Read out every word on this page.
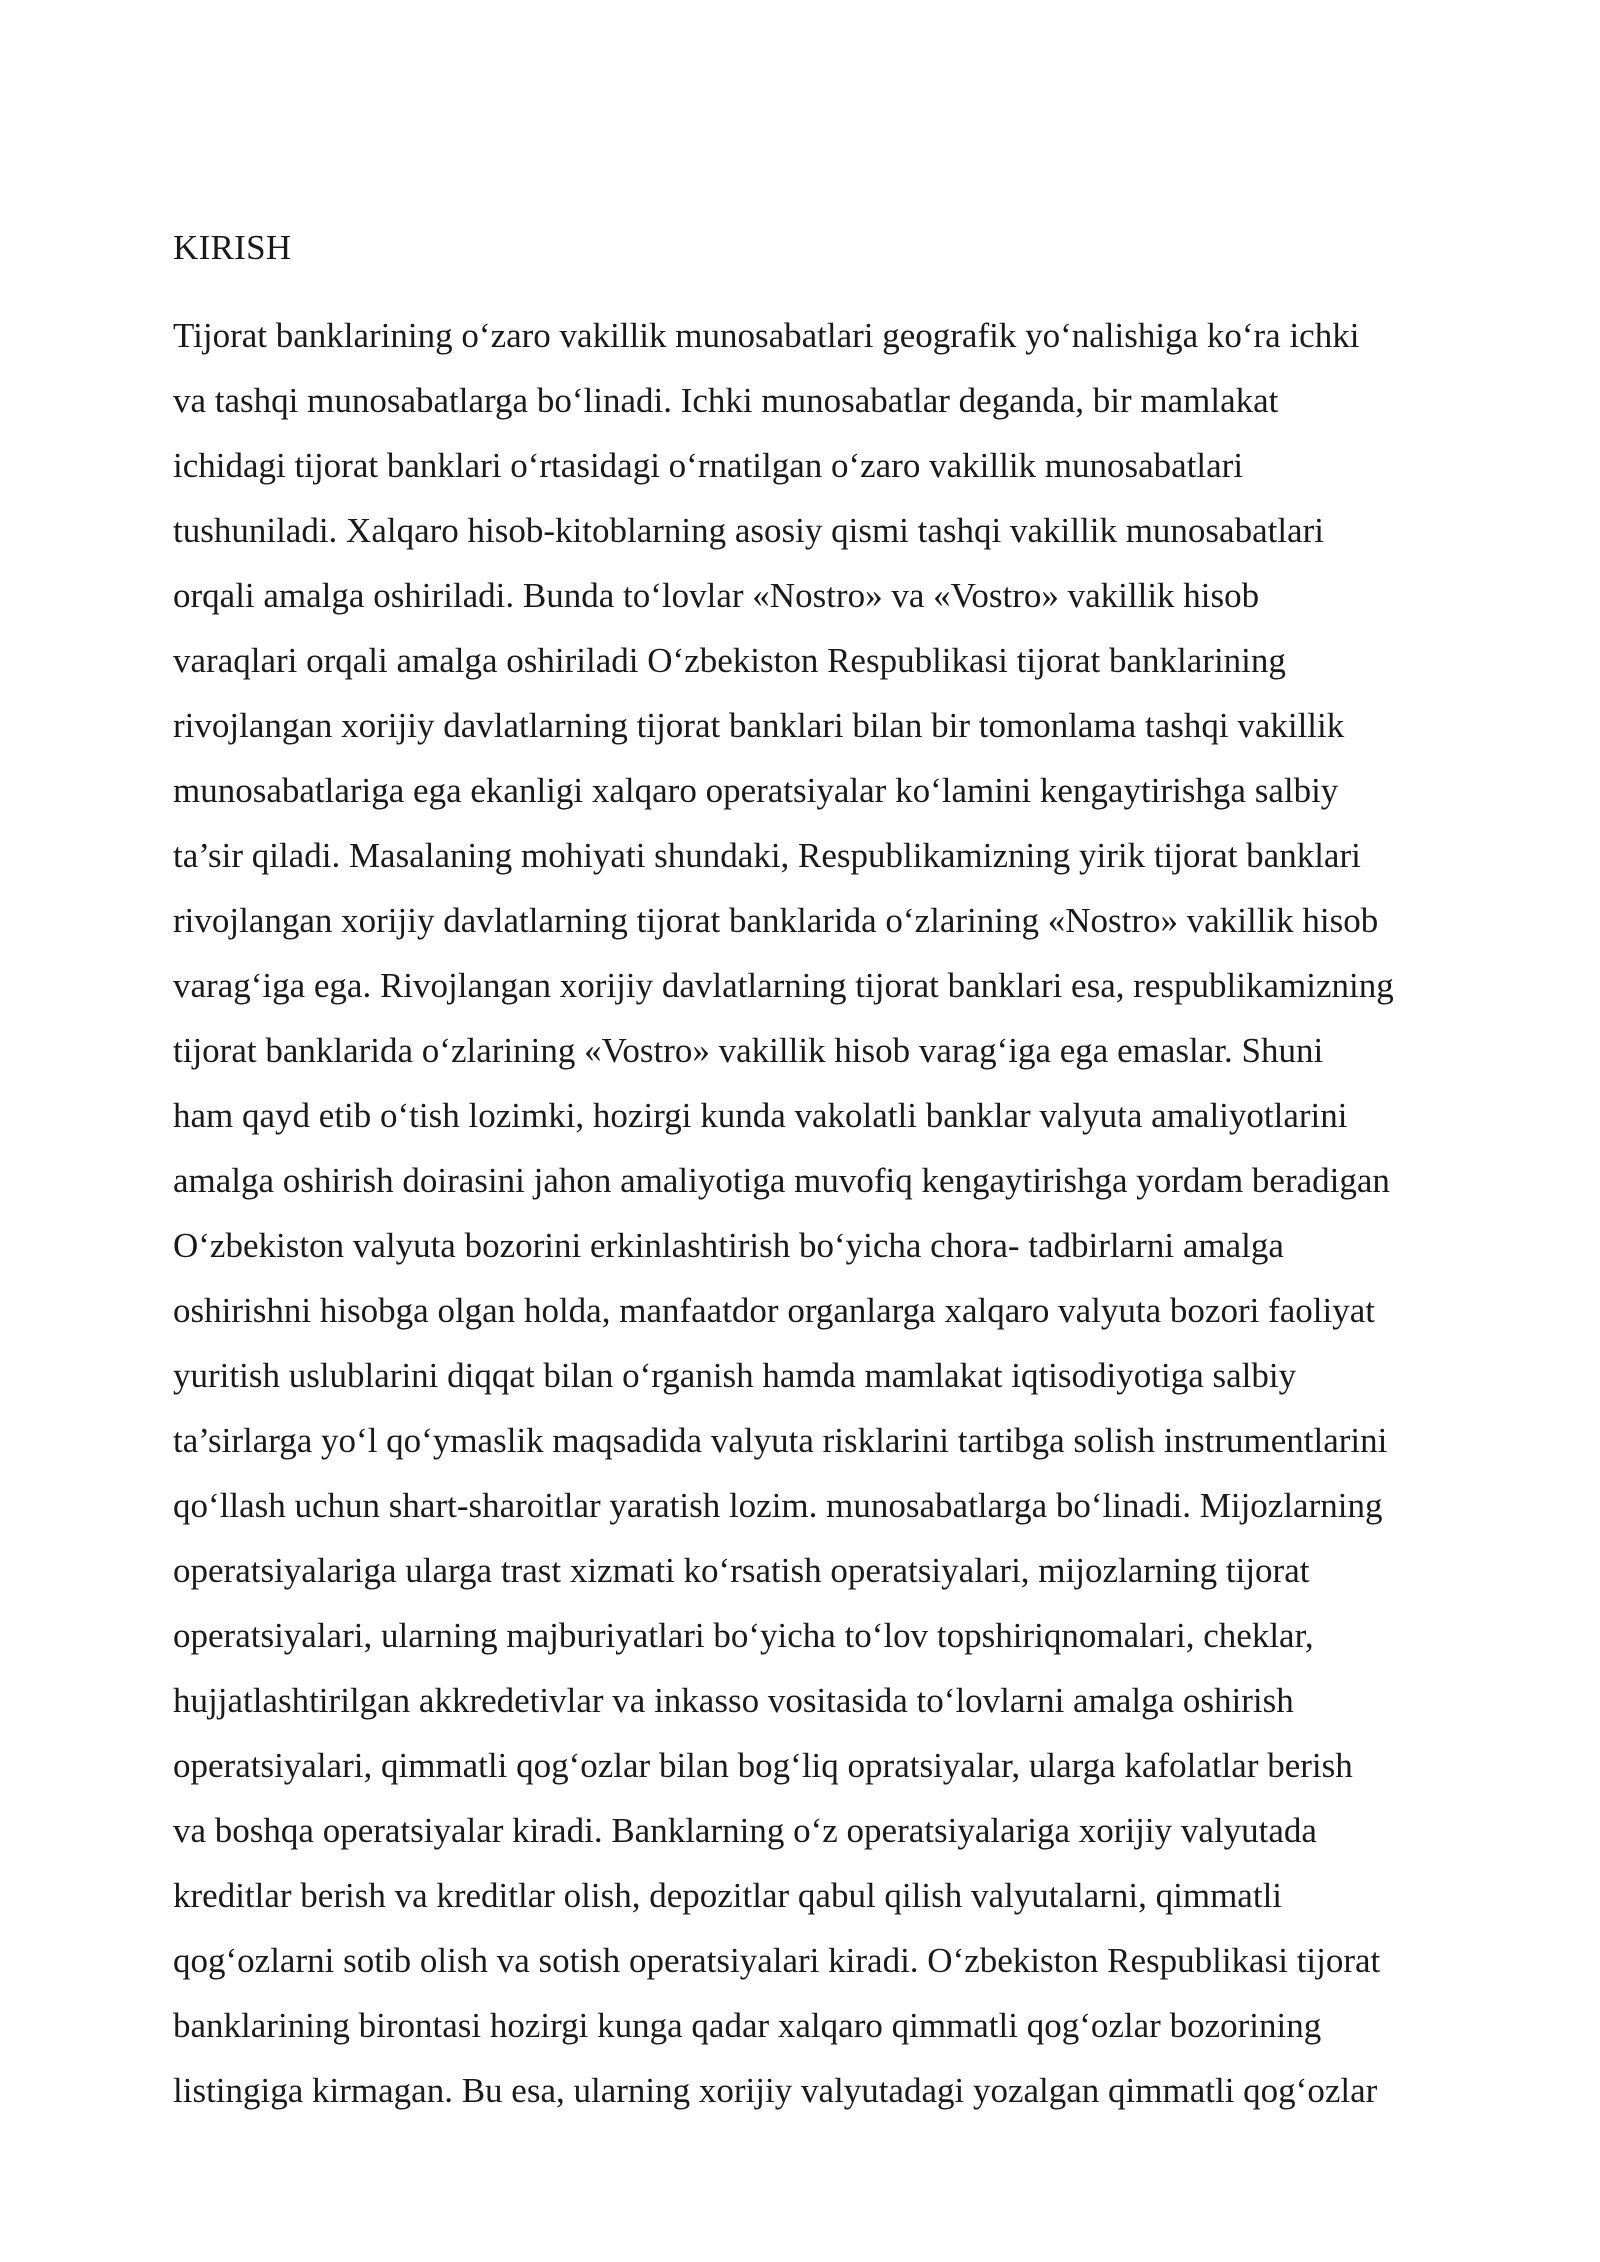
KIRISH
Tijorat banklarining o‘zaro vakillik munosabatlari geografik yo‘nalishiga ko‘ra ichki
va tashqi munosabatlarga bo‘linadi. Ichki munosabatlar deganda, bir mamlakat
ichidagi tijorat banklari o‘rtasidagi o‘rnatilgan o‘zaro vakillik munosabatlari
tushuniladi. Xalqaro hisob-kitoblarning asosiy qismi tashqi vakillik munosabatlari
orqali amalga oshiriladi. Bunda to‘lovlar «Nostro» va «Vostro» vakillik hisob
varaqlari orqali amalga oshiriladi O‘zbekiston Respublikasi tijorat banklarining
rivojlangan xorijiy davlatlarning tijorat banklari bilan bir tomonlama tashqi vakillik
munosabatlariga ega ekanligi xalqaro operatsiyalar ko‘lamini kengaytirishga salbiy
ta’sir qiladi. Masalaning mohiyati shundaki, Respublikamizning yirik tijorat banklari
rivojlangan xorijiy davlatlarning tijorat banklarida o‘zlarining «Nostro» vakillik hisob
varag‘iga ega. Rivojlangan xorijiy davlatlarning tijorat banklari esa, respublikamizning
tijorat banklarida o‘zlarining «Vostro» vakillik hisob varag‘iga ega emaslar. Shuni
ham qayd etib o‘tish lozimki, hozirgi kunda vakolatli banklar valyuta amaliyotlarini
amalga oshirish doirasini jahon amaliyotiga muvofiq kengaytirishga yordam beradigan
O‘zbekiston valyuta bozorini erkinlashtirish bo‘yicha chora- tadbirlarni amalga
oshirishni hisobga olgan holda, manfaatdor organlarga xalqaro valyuta bozori faoliyat
yuritish uslublarini diqqat bilan o‘rganish hamda mamlakat iqtisodiyotiga salbiy
ta’sirlarga yo‘l qo‘ymaslik maqsadida valyuta risklarini tartibga solish instrumentlarini
qo‘llash uchun shart-sharoitlar yaratish lozim. munosabatlarga bo‘linadi. Mijozlarning
operatsiyalariga ularga trast xizmati ko‘rsatish operatsiyalari, mijozlarning tijorat
operatsiyalari, ularning majburiyatlari bo‘yicha to‘lov topshiriqnomalari, cheklar,
hujjatlashtirilgan akkredetivlar va inkasso vositasida to‘lovlarni amalga oshirish
operatsiyalari, qimmatli qog‘ozlar bilan bog‘liq opratsiyalar, ularga kafolatlar berish
va boshqa operatsiyalar kiradi. Banklarning o‘z operatsiyalariga xorijiy valyutada
kreditlar berish va kreditlar olish, depozitlar qabul qilish valyutalarni, qimmatli
qog‘ozlarni sotib olish va sotish operatsiyalari kiradi. O‘zbekiston Respublikasi tijorat
banklarining birontasi hozirgi kunga qadar xalqaro qimmatli qog‘ozlar bozorining
listingiga kirmagan. Bu esa, ularning xorijiy valyutadagi yozalgan qimmatli qog‘ozlar
